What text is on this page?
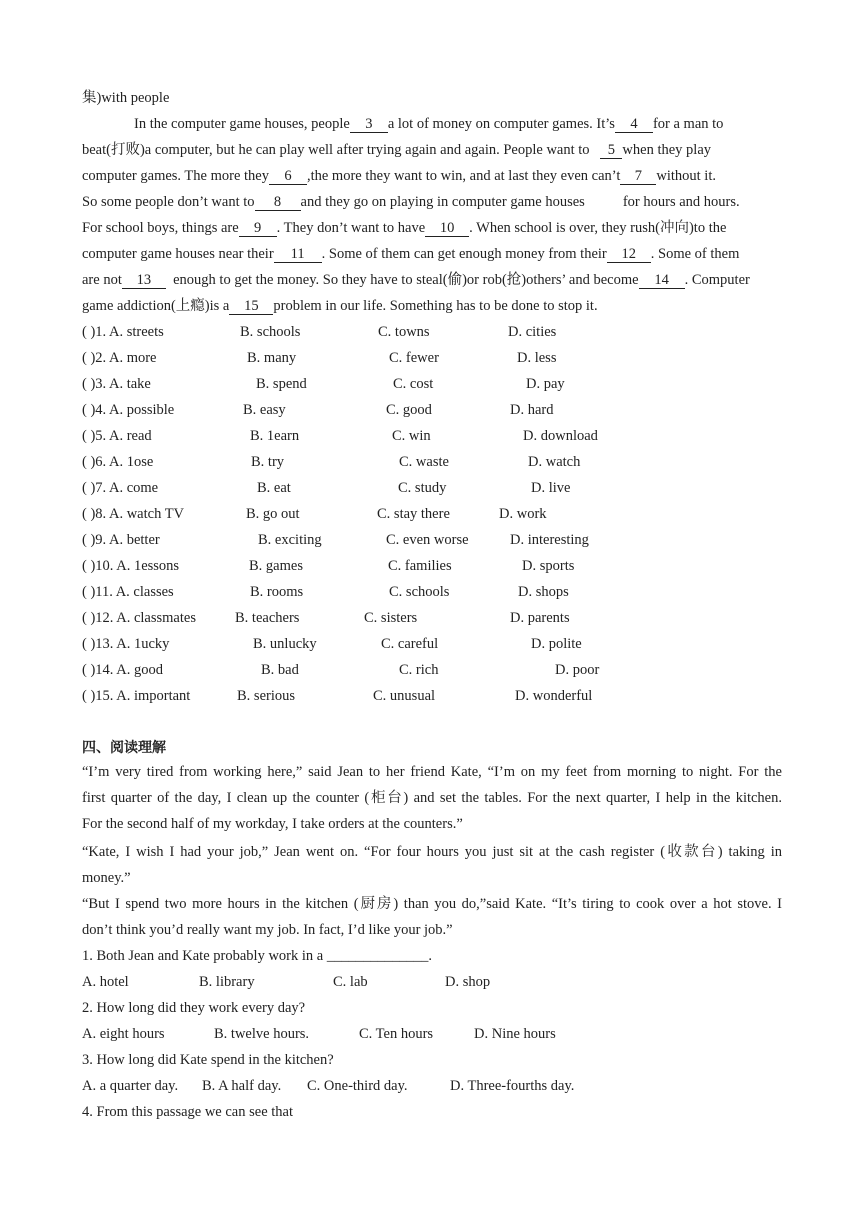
集)with people
In the computer game houses, people 3 a lot of money on computer games. It’s 4 for a man to
beat(打败)a computer, but he can play well after trying again and again. People want to 5 when they play
computer games. The more they 6 ,the more they want to win, and at last they even can’t 7 without it.
So some people don’t want to 8 and they go on playing in computer game houses	for hours and hours.
For school boys, things are 9 . They don’t want to have 10 . When school is over, they rush(冲向)to the
computer game houses near their 11 . Some of them can get enough money from their 12 . Some of them
are not 13 enough to get the money. So they have to steal(偷)or rob(抢)others’ and become 14 . Computer
game addiction(上瘾)is a 15 problem in our life. Something has to be done to stop it.
( )1. A. streets	B. schools	C. towns	D. cities
( )2. A. more	B. many	C. fewer	D. less
( )3. A. take	B. spend	C. cost	D. pay
( )4. A. possible	B. easy	C. good	D. hard
( )5. A. read	B. 1earn	C. win	D. download
( )6. A. 1ose	B. try	C. waste	D. watch
( )7. A. come	B. eat	C. study	D. live
( )8. A. watch TV	B. go out	C. stay there	D. work
( )9. A. better	B. exciting	C. even worse	D. interesting
( )10. A. 1essons	B. games	C. families	D. sports
( )11. A. classes	B. rooms	C. schools	D. shops
( )12. A. classmates	B. teachers	C. sisters	D. parents
( )13. A. 1ucky	B. unlucky	C. careful	D. polite
( )14. A. good	B. bad	C. rich	D. poor
( )15. A. important	B. serious	C. unusual	D. wonderful
四、阅读理解
“I’m very tired from working here,” said Jean to her friend Kate, “I’m on my feet from morning to night. For the
first quarter of the day, I clean up the counter (柜台) and set the tables. For the next quarter, I help in the kitchen.
For the second half of my workday, I take orders at the counters.”
“Kate, I wish I had your job,” Jean went on. “For four hours you just sit at the cash register (收款台) taking in
money.”
“But I spend two more hours in the kitchen (厨房) than you do,”said Kate. “It’s tiring to cook over a hot stove. I
don’t think you’d really want my job. In fact, I’d like your job.”
1. Both Jean and Kate probably work in a ______________.
A. hotel	B. library	C. lab	D. shop
2. How long did they work every day?
A. eight hours	B. twelve hours.	C. Ten hours	D. Nine hours
3. How long did Kate spend in the kitchen?
A. a quarter day. B. A half day. C. One-third day.	D. Three-fourths day.
4. From this passage we can see that
